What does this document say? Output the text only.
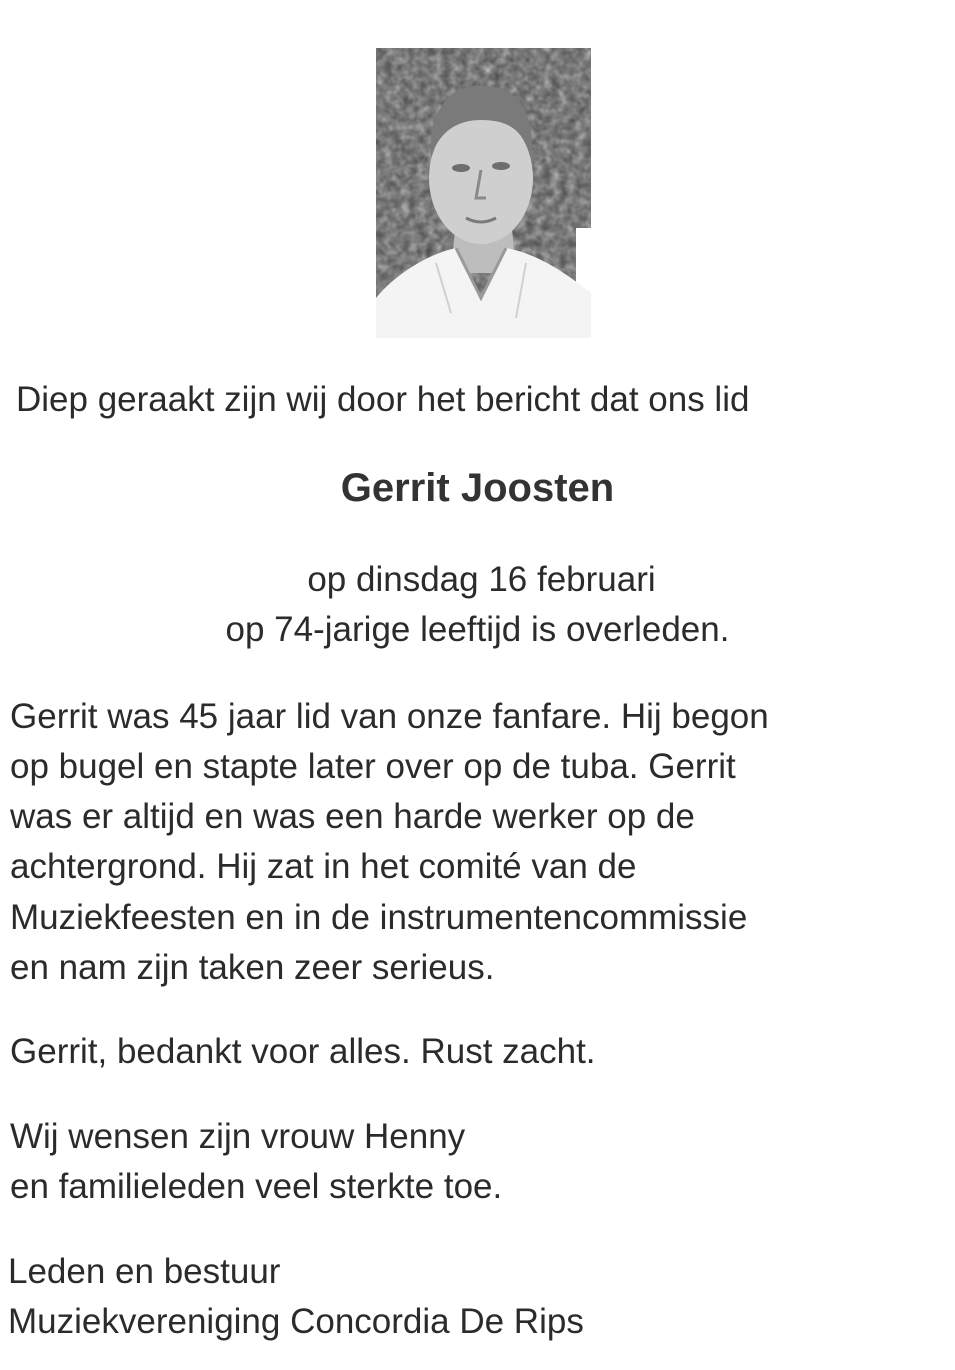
Diep geraakt zijn wij door het bericht dat ons lid

Gerrit Joosten

op dinsdag 16 februari

op 74-jarige leeftijd is overleden.

Gerrit was 45 jaar lid van onze fanfare. Hij begon

op bugel en stapte later over op de tuba. Gerrit

was er altijd en was een harde werker op de

achtergrond. Hij zat in het comité van de

Muziekfeesten en in de instrumentencommissie

en nam zijn taken zeer serieus.

Gerrit, bedankt voor alles. Rust zacht.

Wij wensen zijn vrouw Henny

en familieleden veel sterkte toe.

Leden en bestuur

Muziekvereniging Concordia De Rips
